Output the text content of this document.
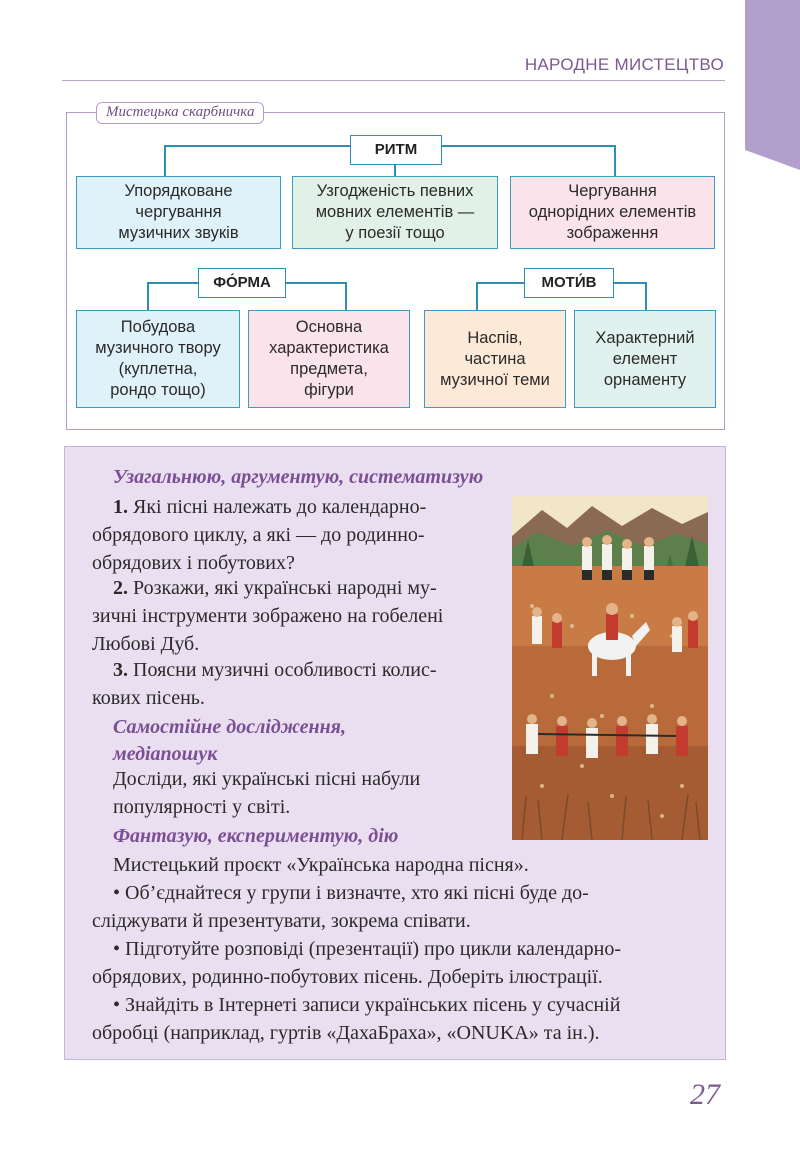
НАРОДНЕ МИСТЕЦТВО
Мистецька скарбничка
РИТМ
Упорядковане
чергування
музичних звуків
Узгодженість певних
мовних елементів —
у поезії тощо
Чергування
однорідних елементів
зображення
ФО́РМА
Побудова
музичного твору
(куплетна,
рондо тощо)
Основна
характеристика
предмета,
фігури
МОТИ́В
Наспів,
частина
музичної теми
Характерний
елемент
орнаменту
Узагальнюю, аргументую, систематизую
1. Які пісні належать до календарно-
обрядового циклу, а які — до родинно-
обрядових і побутових?
2. Розкажи, які українські народні му-
зичні інструменти зображено на гобелені
Любові Дуб.
3. Поясни музичні особливості колис-
кових пісень.
Самостійне дослідження,
медіапошук
Досліди, які українські пісні набули
популярності у світі.
Фантазую, експериментую, дію
Мистецький проєкт «Українська народна пісня».
• Об’єднайтеся у групи і визначте, хто які пісні буде до-
сліджувати й презентувати, зокрема співати.
• Підготуйте розповіді (презентації) про цикли календарно-
обрядових, родинно-побутових пісень. Доберіть ілюстрації.
• Знайдіть в Інтернеті записи українських пісень у сучасній
обробці (наприклад, гуртів «ДахаБраха», «ONUKA» та ін.).
27
